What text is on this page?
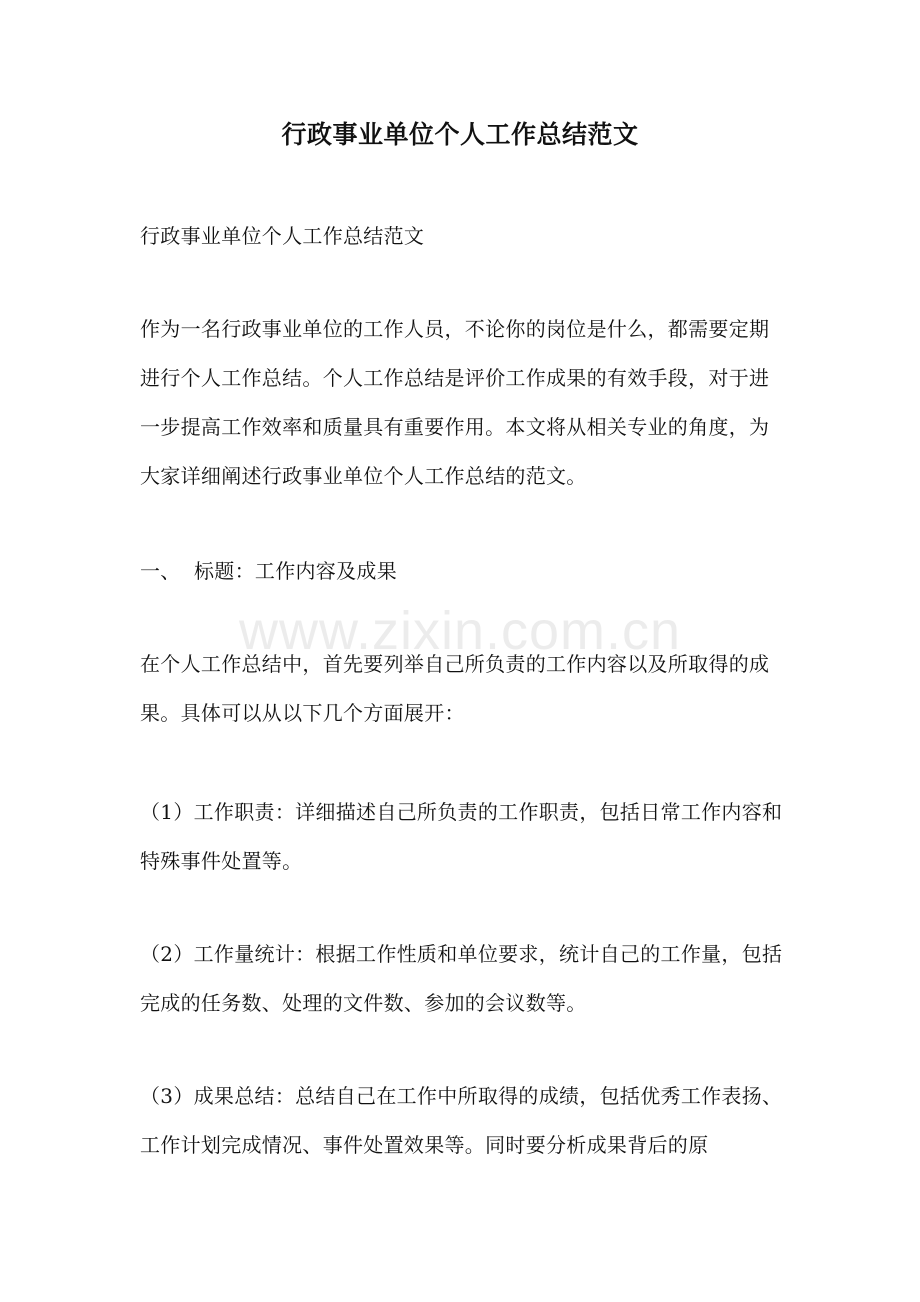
行政事业单位个人工作总结范文

行政事业单位个人工作总结范文

作为一名行政事业单位的工作人员，不论你的岗位是什么，都需要定期进行个人工作总结。个人工作总结是评价工作成果的有效手段，对于进一步提高工作效率和质量具有重要作用。本文将从相关专业的角度，为大家详细阐述行政事业单位个人工作总结的范文。

一、 标题：工作内容及成果

在个人工作总结中，首先要列举自己所负责的工作内容以及所取得的成果。具体可以从以下几个方面展开：

（1）工作职责：详细描述自己所负责的工作职责，包括日常工作内容和特殊事件处置等。

（2）工作量统计：根据工作性质和单位要求，统计自己的工作量，包括完成的任务数、处理的文件数、参加的会议数等。

（3）成果总结：总结自己在工作中所取得的成绩，包括优秀工作表扬、工作计划完成情况、事件处置效果等。同时要分析成果背后的原

www.zixin.com.cn
